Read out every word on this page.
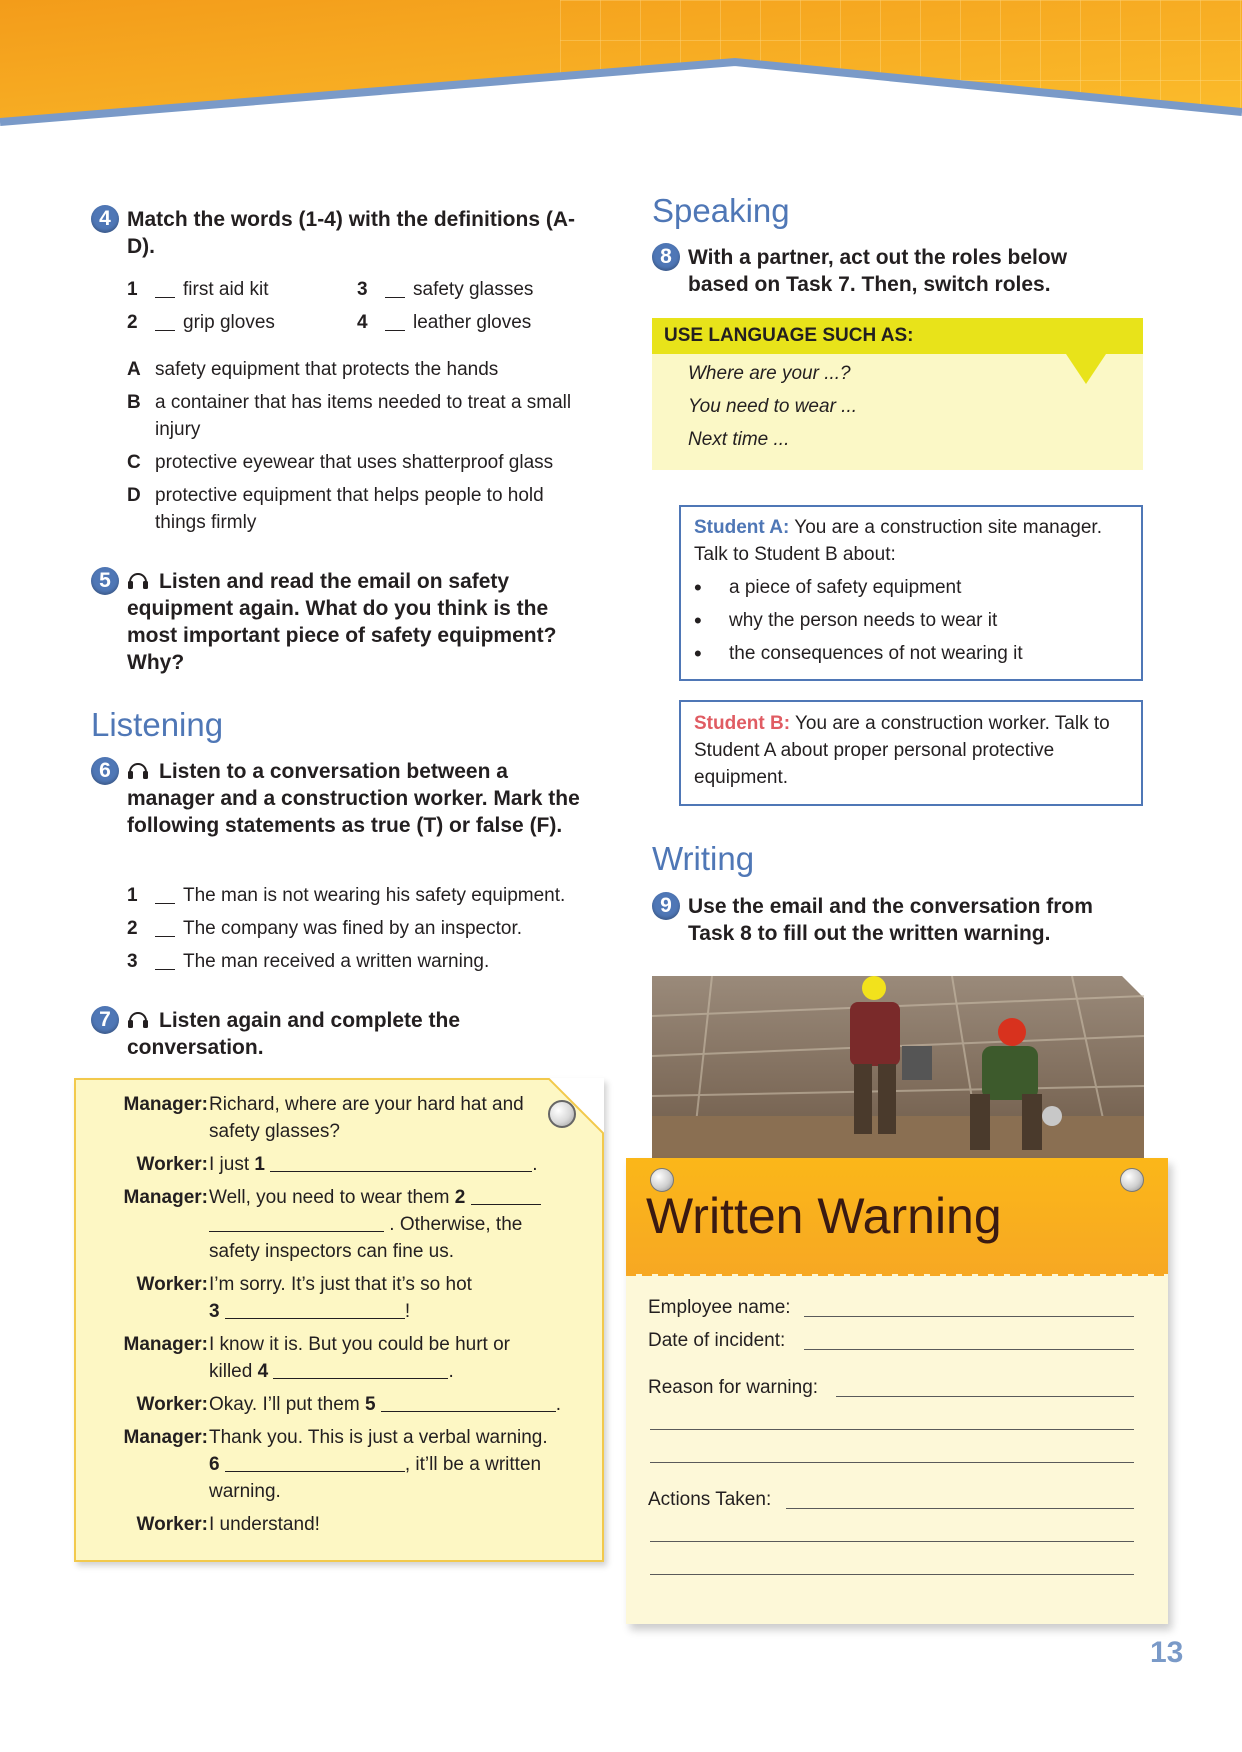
4 Match the words (1-4) with the definitions (A-D).
1 first aid kit
2 grip gloves
3 safety glasses
4 leather gloves
A safety equipment that protects the hands
B a container that has items needed to treat a small injury
C protective eyewear that uses shatterproof glass
D protective equipment that helps people to hold things firmly
5	Listen and read the email on safety equipment again. What do you think is the most important piece of safety equipment? Why?
Listening
6	Listen to a conversation between a manager and a construction worker. Mark the following statements as true (T) or false (F).
1 The man is not wearing his safety equipment.
2 The company was fined by an inspector.
3 The man received a written warning.
7	Listen again and complete the conversation.
Manager: Richard, where are your hard hat and safety glasses?
Worker: I just 1	.
Manager: Well, you need to wear them 2
. Otherwise, the safety inspectors can fine us.
Worker: I’m sorry. It’s just that it’s so hot
3	!
Manager: I know it is. But you could be hurt or killed 4	.
Worker: Okay. I’ll put them 5	.
Manager: Thank you. This is just a verbal warning.
6	, it’ll be a written warning.
Worker: I understand!
Speaking
8 With a partner, act out the roles below based on Task 7. Then, switch roles.
USE LANGUAGE SUCH AS:
Where are your ...?
You need to wear ...
Next time ...
Student A: You are a construction site manager. Talk to Student B about:
• a piece of safety equipment
• why the person needs to wear it
• the consequences of not wearing it
Student B: You are a construction worker. Talk to Student A about proper personal protective equipment.
Writing
9 Use the email and the conversation from Task 8 to fill out the written warning.
Written Warning
Employee name:
Date of incident:
Reason for warning:
Actions Taken:
13
